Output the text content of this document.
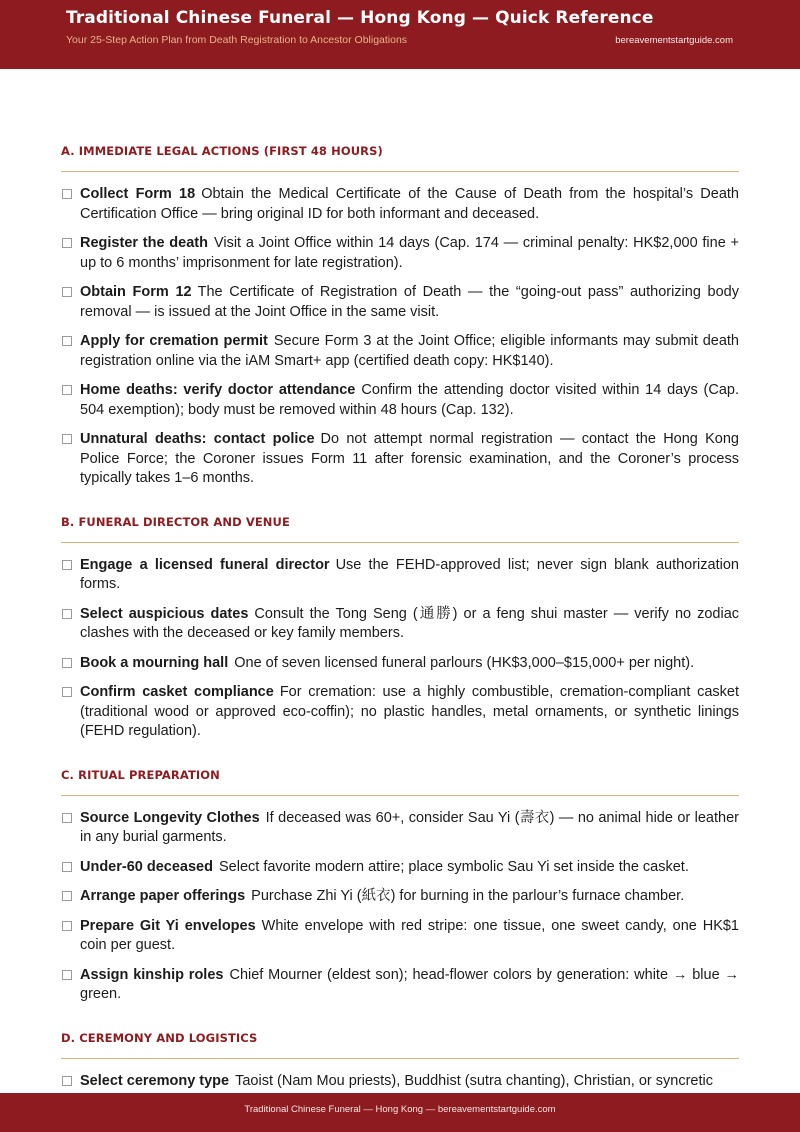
Traditional Chinese Funeral — Hong Kong — Quick Reference
Your 25-Step Action Plan from Death Registration to Ancestor Obligations	bereavementstartguide.com
A. IMMEDIATE LEGAL ACTIONS (FIRST 48 HOURS)
Collect Form 18 Obtain the Medical Certificate of the Cause of Death from the hospital’s Death Certification Office — bring original ID for both informant and deceased.
Register the death Visit a Joint Office within 14 days (Cap. 174 — criminal penalty: HK$2,000 fine + up to 6 months’ imprisonment for late registration).
Obtain Form 12 The Certificate of Registration of Death — the “going-out pass” authorizing body removal — is issued at the Joint Office in the same visit.
Apply for cremation permit Secure Form 3 at the Joint Office; eligible informants may submit death registration online via the iAM Smart+ app (certified death copy: HK$140).
Home deaths: verify doctor attendance Confirm the attending doctor visited within 14 days (Cap. 504 exemption); body must be removed within 48 hours (Cap. 132).
Unnatural deaths: contact police Do not attempt normal registration — contact the Hong Kong Police Force; the Coroner issues Form 11 after forensic examination, and the Coroner’s process typically takes 1–6 months.
B. FUNERAL DIRECTOR AND VENUE
Engage a licensed funeral director Use the FEHD-approved list; never sign blank authorization forms.
Select auspicious dates Consult the Tong Seng (通勝) or a feng shui master — verify no zodiac clashes with the deceased or key family members.
Book a mourning hall One of seven licensed funeral parlours (HK$3,000–$15,000+ per night).
Confirm casket compliance For cremation: use a highly combustible, cremation-compliant casket (traditional wood or approved eco-coffin); no plastic handles, metal ornaments, or synthetic linings (FEHD regulation).
C. RITUAL PREPARATION
Source Longevity Clothes If deceased was 60+, consider Sau Yi (壽衣) — no animal hide or leather in any burial garments.
Under-60 deceased Select favorite modern attire; place symbolic Sau Yi set inside the casket.
Arrange paper offerings Purchase Zhi Yi (紙衣) for burning in the parlour’s furnace chamber.
Prepare Git Yi envelopes White envelope with red stripe: one tissue, one sweet candy, one HK$1 coin per guest.
Assign kinship roles Chief Mourner (eldest son); head-flower colors by generation: white → blue → green.
D. CEREMONY AND LOGISTICS
Select ceremony type Taoist (Nam Mou priests), Buddhist (sutra chanting), Christian, or syncretic
Traditional Chinese Funeral — Hong Kong — bereavementstartguide.com
